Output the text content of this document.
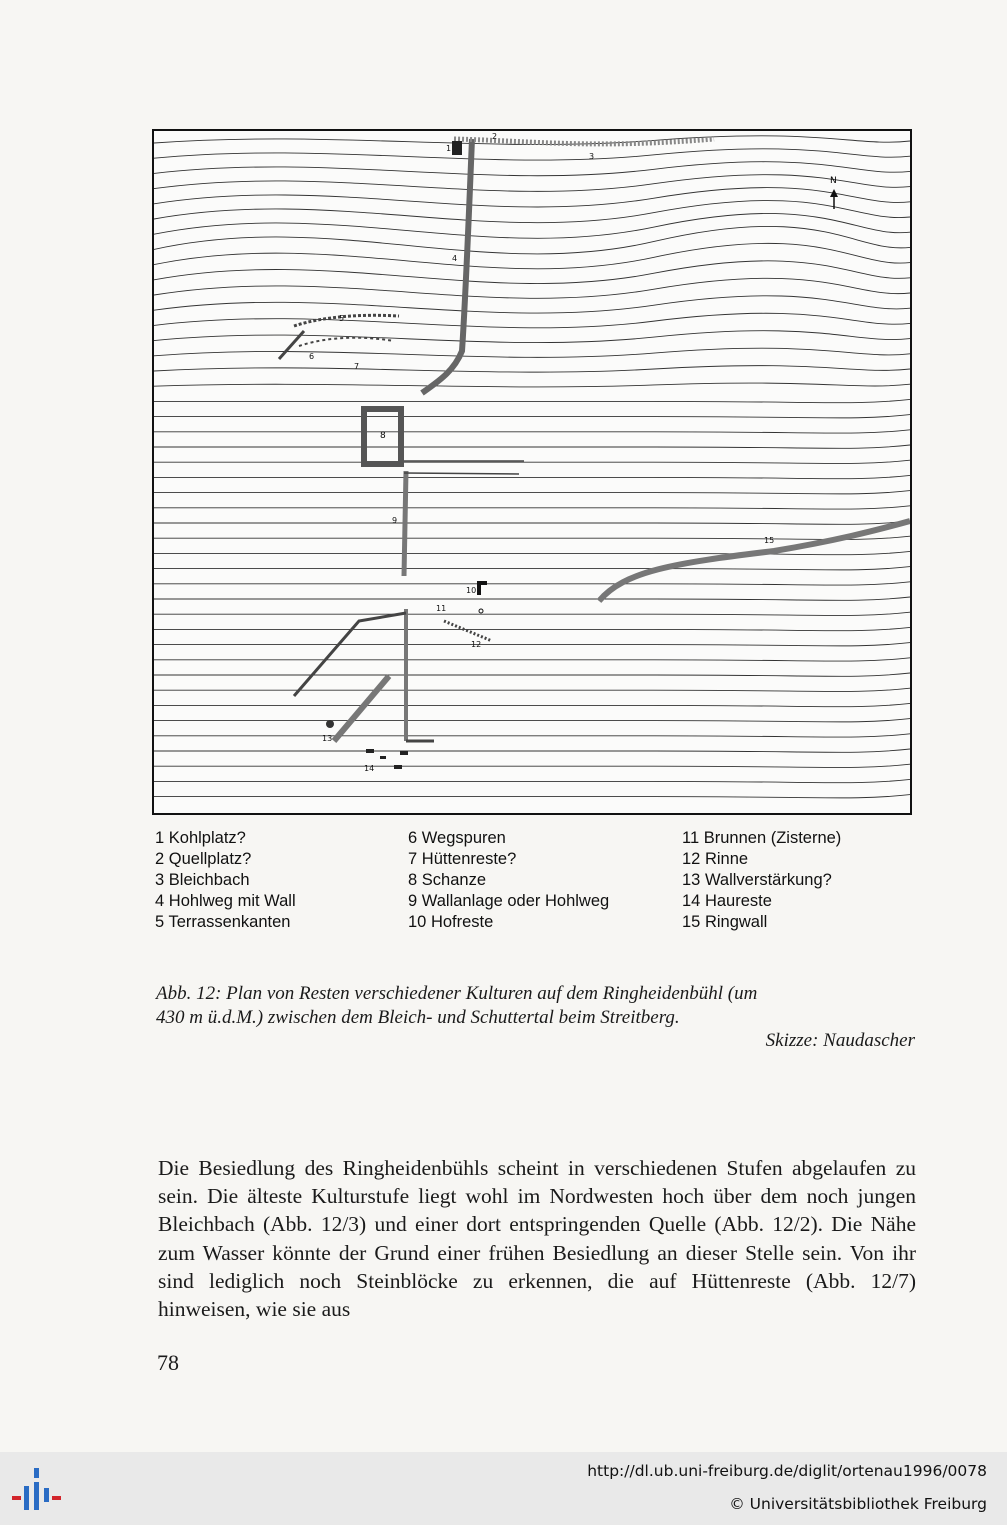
8
N
1
2
3
4
5
6
7
9
10
11
12
13
14
15
1 Kohlplatz?
2 Quellplatz?
3 Bleichbach
4 Hohlweg mit Wall
5 Terrassenkanten
6 Wegspuren
7 Hüttenreste?
8 Schanze
9 Wallanlage oder Hohlweg
10 Hofreste
11 Brunnen (Zisterne)
12 Rinne
13 Wallverstärkung?
14 Haureste
15 Ringwall
Abb. 12: Plan von Resten verschiedener Kulturen auf dem Ringheidenbühl (um
430 m ü.d.M.) zwischen dem Bleich- und Schuttertal beim Streitberg.
Skizze: Naudascher
Die Besiedlung des Ringheidenbühls scheint in verschiedenen Stufen abgelaufen zu sein. Die älteste Kulturstufe liegt wohl im Nordwesten hoch über dem noch jungen Bleichbach (Abb. 12/3) und einer dort entspringenden Quelle (Abb. 12/2). Die Nähe zum Wasser könnte der Grund einer frühen Besiedlung an dieser Stelle sein. Von ihr sind lediglich noch Steinblöcke zu erkennen, die auf Hüttenreste (Abb. 12/7) hinweisen, wie sie aus
78
http://dl.ub.uni-freiburg.de/diglit/ortenau1996/0078
© Universitätsbibliothek Freiburg
